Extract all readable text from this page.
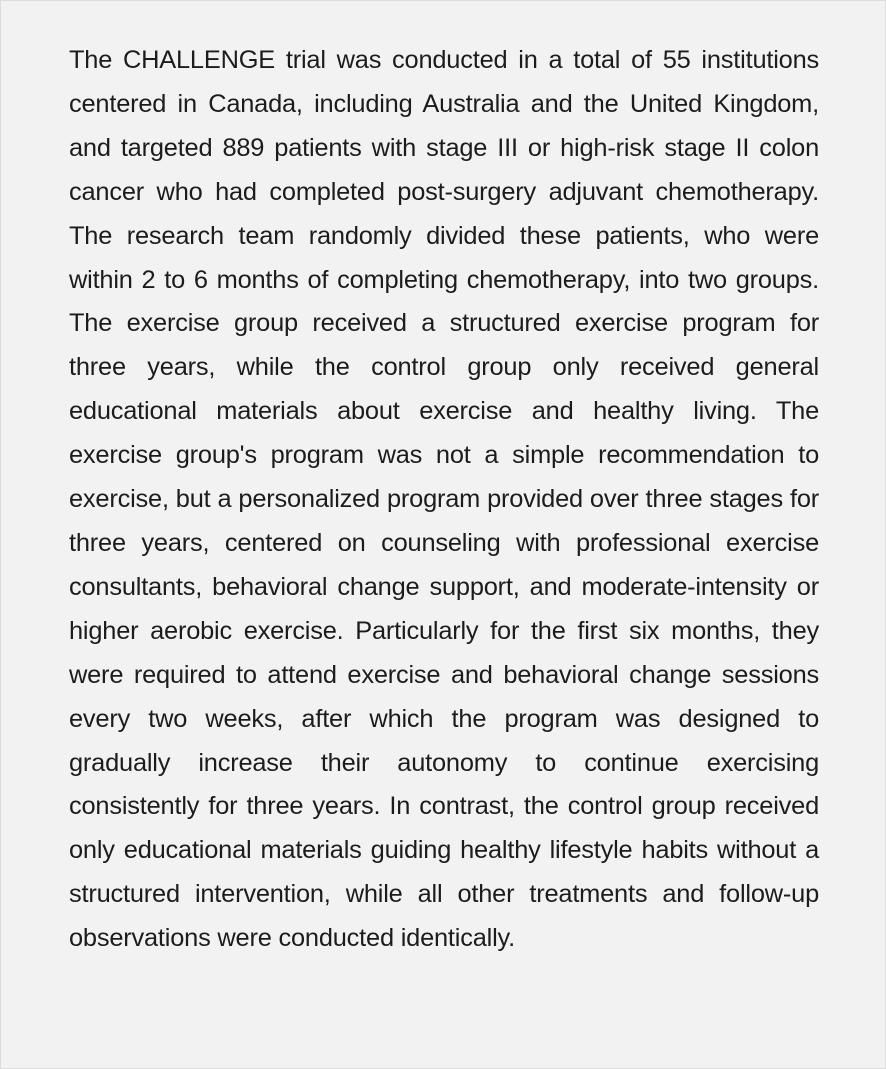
The CHALLENGE trial was conducted in a total of 55 institutions centered in Canada, including Australia and the United Kingdom, and targeted 889 patients with stage III or high-risk stage II colon cancer who had completed post-surgery adjuvant chemotherapy. The research team randomly divided these patients, who were within 2 to 6 months of completing chemotherapy, into two groups. The exercise group received a structured exercise program for three years, while the control group only received general educational materials about exercise and healthy living. The exercise group's program was not a simple recommendation to exercise, but a personalized program provided over three stages for three years, centered on counseling with professional exercise consultants, behavioral change support, and moderate-intensity or higher aerobic exercise. Particularly for the first six months, they were required to attend exercise and behavioral change sessions every two weeks, after which the program was designed to gradually increase their autonomy to continue exercising consistently for three years. In contrast, the control group received only educational materials guiding healthy lifestyle habits without a structured intervention, while all other treatments and follow-up observations were conducted identically.
